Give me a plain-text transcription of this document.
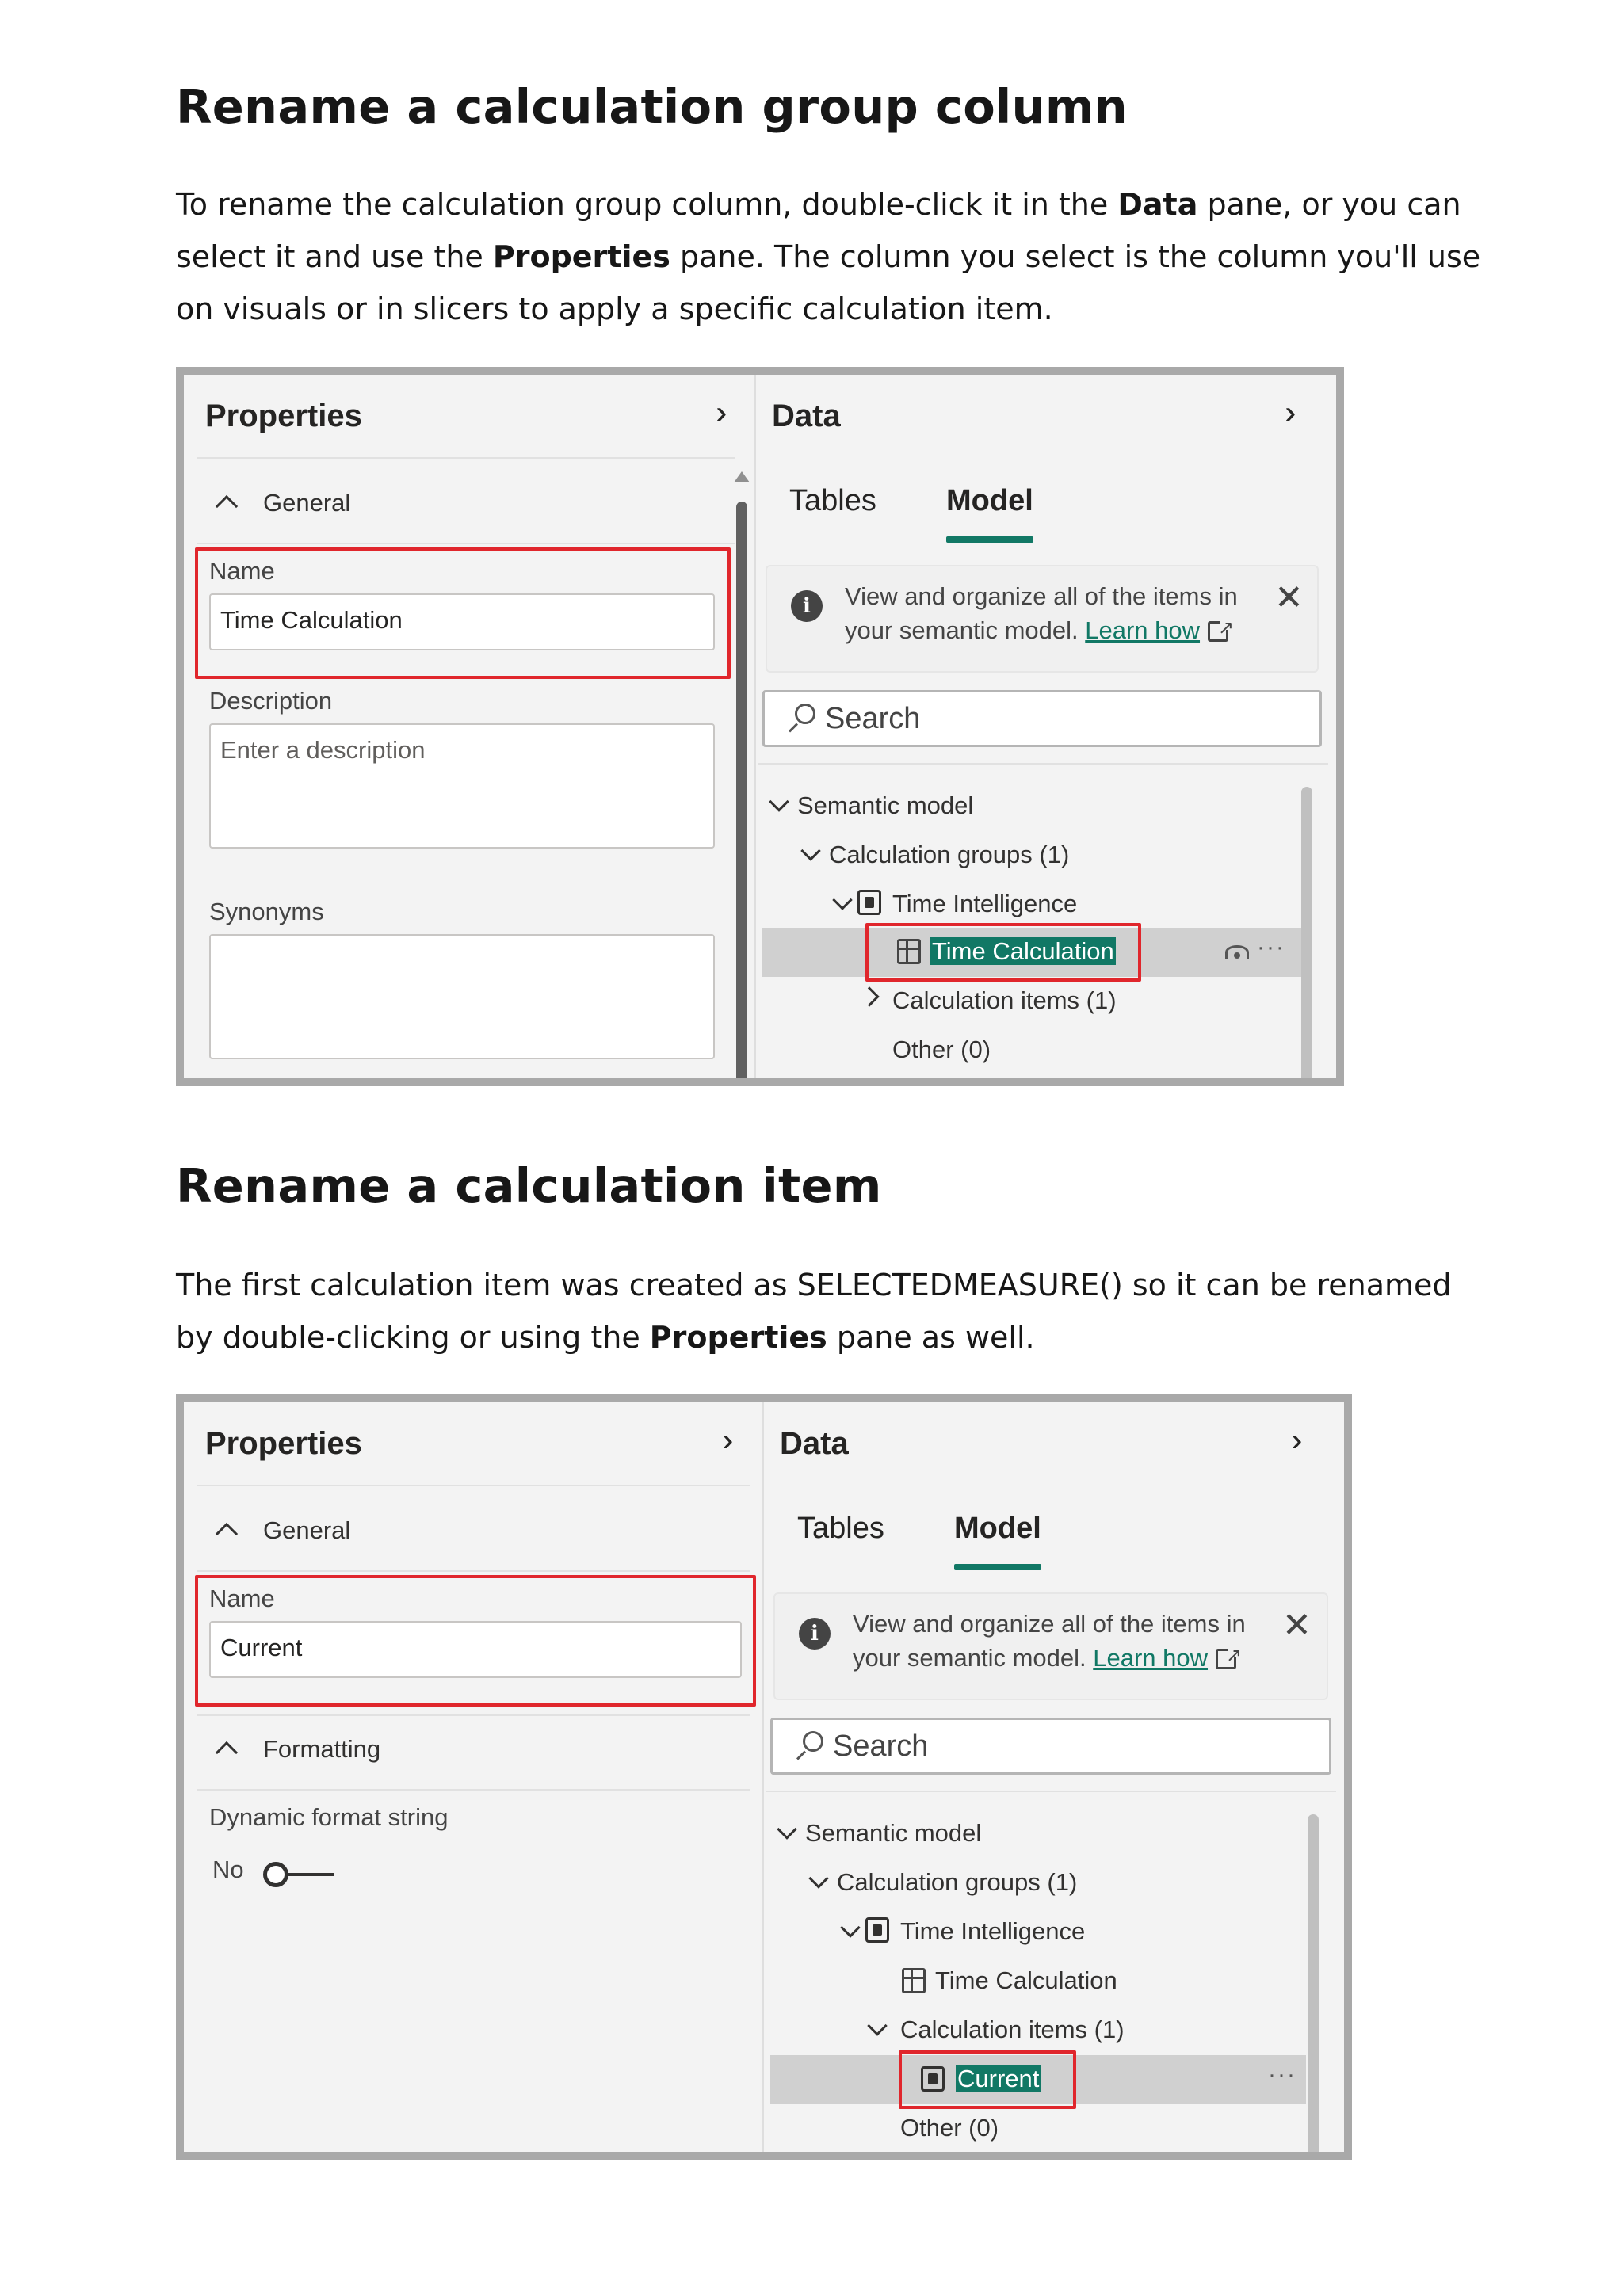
Rename a calculation group column

To rename the calculation group column, double-click it in the Data pane, or you can select it and use the Properties pane. The column you select is the column you'll use on visuals or in slicers to apply a specific calculation item.

Properties
General
Name
Time Calculation
Description
Enter a description
Synonyms
Data
Tables Model
i	View and organize all of the items in your semantic model. Learn how↗
✕
Search
Semantic model
Calculation groups (1)
Time Intelligence
Time Calculation	···
Calculation items (1)
Other (0)
Rename a calculation item

The first calculation item was created as SELECTEDMEASURE() so it can be renamed by double-clicking or using the Properties pane as well.

Properties
General
Name
Current
Formatting
Dynamic format string
No
Data
Tables Model
i	View and organize all of the items in your semantic model. Learn how↗
✕
Search
Semantic model
Calculation groups (1)
Time Intelligence
Time Calculation
Calculation items (1)
Current	···
Other (0)
